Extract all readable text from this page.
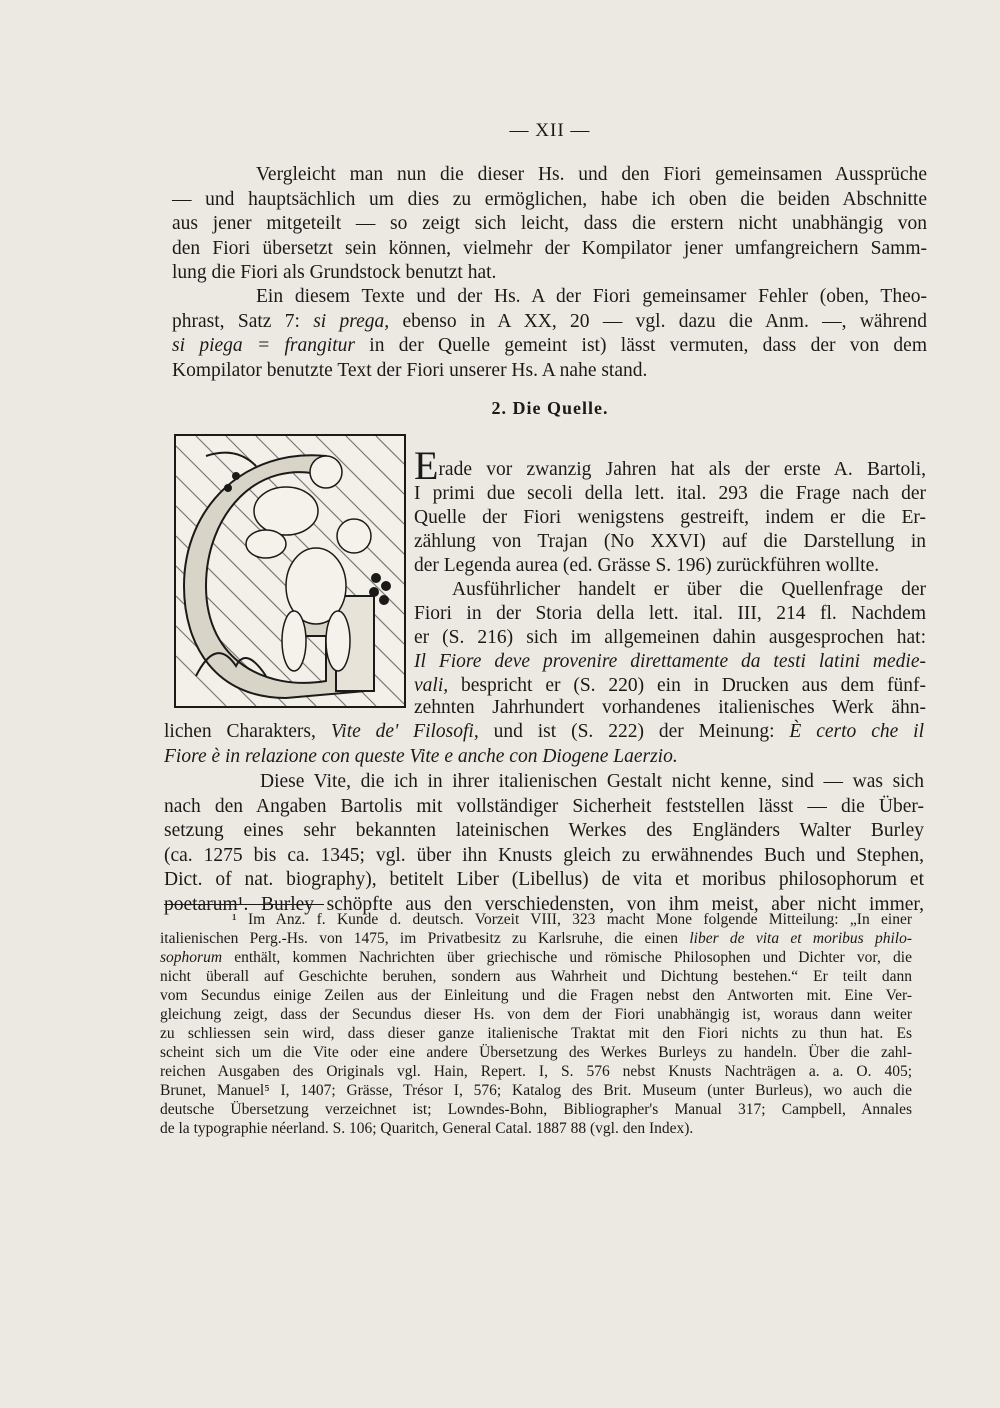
— XII —
Vergleicht man nun die dieser Hs. und den Fiori gemeinsamen Aussprüche
— und hauptsächlich um dies zu ermöglichen, habe ich oben die beiden Abschnitte
aus jener mitgeteilt — so zeigt sich leicht, dass die erstern nicht unabhängig von
den Fiori übersetzt sein können, vielmehr der Kompilator jener umfangreichern Samm-
lung die Fiori als Grundstock benutzt hat.
Ein diesem Texte und der Hs. A der Fiori gemeinsamer Fehler (oben, Theo-
phrast, Satz 7: si prega, ebenso in A XX, 20 — vgl. dazu die Anm. —, während
si piega = frangitur in der Quelle gemeint ist) lässt vermuten, dass der von dem
Kompilator benutzte Text der Fiori unserer Hs. A nahe stand.
2. Die Quelle.
Erade vor zwanzig Jahren hat als der erste A. Bartoli,
I primi due secoli della lett. ital. 293 die Frage nach der
Quelle der Fiori wenigstens gestreift, indem er die Er-
zählung von Trajan (No XXVI) auf die Darstellung in
der Legenda aurea (ed. Grässe S. 196) zurückführen wollte.
Ausführlicher handelt er über die Quellenfrage der
Fiori in der Storia della lett. ital. III, 214 fl. Nachdem
er (S. 216) sich im allgemeinen dahin ausgesprochen hat:
Il Fiore deve provenire direttamente da testi latini medie-
vali, bespricht er (S. 220) ein in Drucken aus dem fünf-
zehnten Jahrhundert vorhandenes italienisches Werk ähn-
lichen Charakters, Vite de' Filosofi, und ist (S. 222) der Meinung: È certo che il
Fiore è in relazione con queste Vite e anche con Diogene Laerzio.
Diese Vite, die ich in ihrer italienischen Gestalt nicht kenne, sind — was sich
nach den Angaben Bartolis mit vollständiger Sicherheit feststellen lässt — die Über-
setzung eines sehr bekannten lateinischen Werkes des Engländers Walter Burley
(ca. 1275 bis ca. 1345; vgl. über ihn Knusts gleich zu erwähnendes Buch und Stephen,
Dict. of nat. biography), betitelt Liber (Libellus) de vita et moribus philosophorum et
poetarum¹. Burley schöpfte aus den verschiedensten, von ihm meist, aber nicht immer,
¹ Im Anz. f. Kunde d. deutsch. Vorzeit VIII, 323 macht Mone folgende Mitteilung: „In einer
italienischen Perg.-Hs. von 1475, im Privatbesitz zu Karlsruhe, die einen liber de vita et moribus philo-
sophorum enthält, kommen Nachrichten über griechische und römische Philosophen und Dichter vor, die
nicht überall auf Geschichte beruhen, sondern aus Wahrheit und Dichtung bestehen.“ Er teilt dann
vom Secundus einige Zeilen aus der Einleitung und die Fragen nebst den Antworten mit. Eine Ver-
gleichung zeigt, dass der Secundus dieser Hs. von dem der Fiori unabhängig ist, woraus dann weiter
zu schliessen sein wird, dass dieser ganze italienische Traktat mit den Fiori nichts zu thun hat. Es
scheint sich um die Vite oder eine andere Übersetzung des Werkes Burleys zu handeln. Über die zahl-
reichen Ausgaben des Originals vgl. Hain, Repert. I, S. 576 nebst Knusts Nachträgen a. a. O. 405;
Brunet, Manuel⁵ I, 1407; Grässe, Trésor I, 576; Katalog des Brit. Museum (unter Burleus), wo auch die
deutsche Übersetzung verzeichnet ist; Lowndes-Bohn, Bibliographer's Manual 317; Campbell, Annales
de la typographie néerland. S. 106; Quaritch, General Catal. 1887 88 (vgl. den Index).
